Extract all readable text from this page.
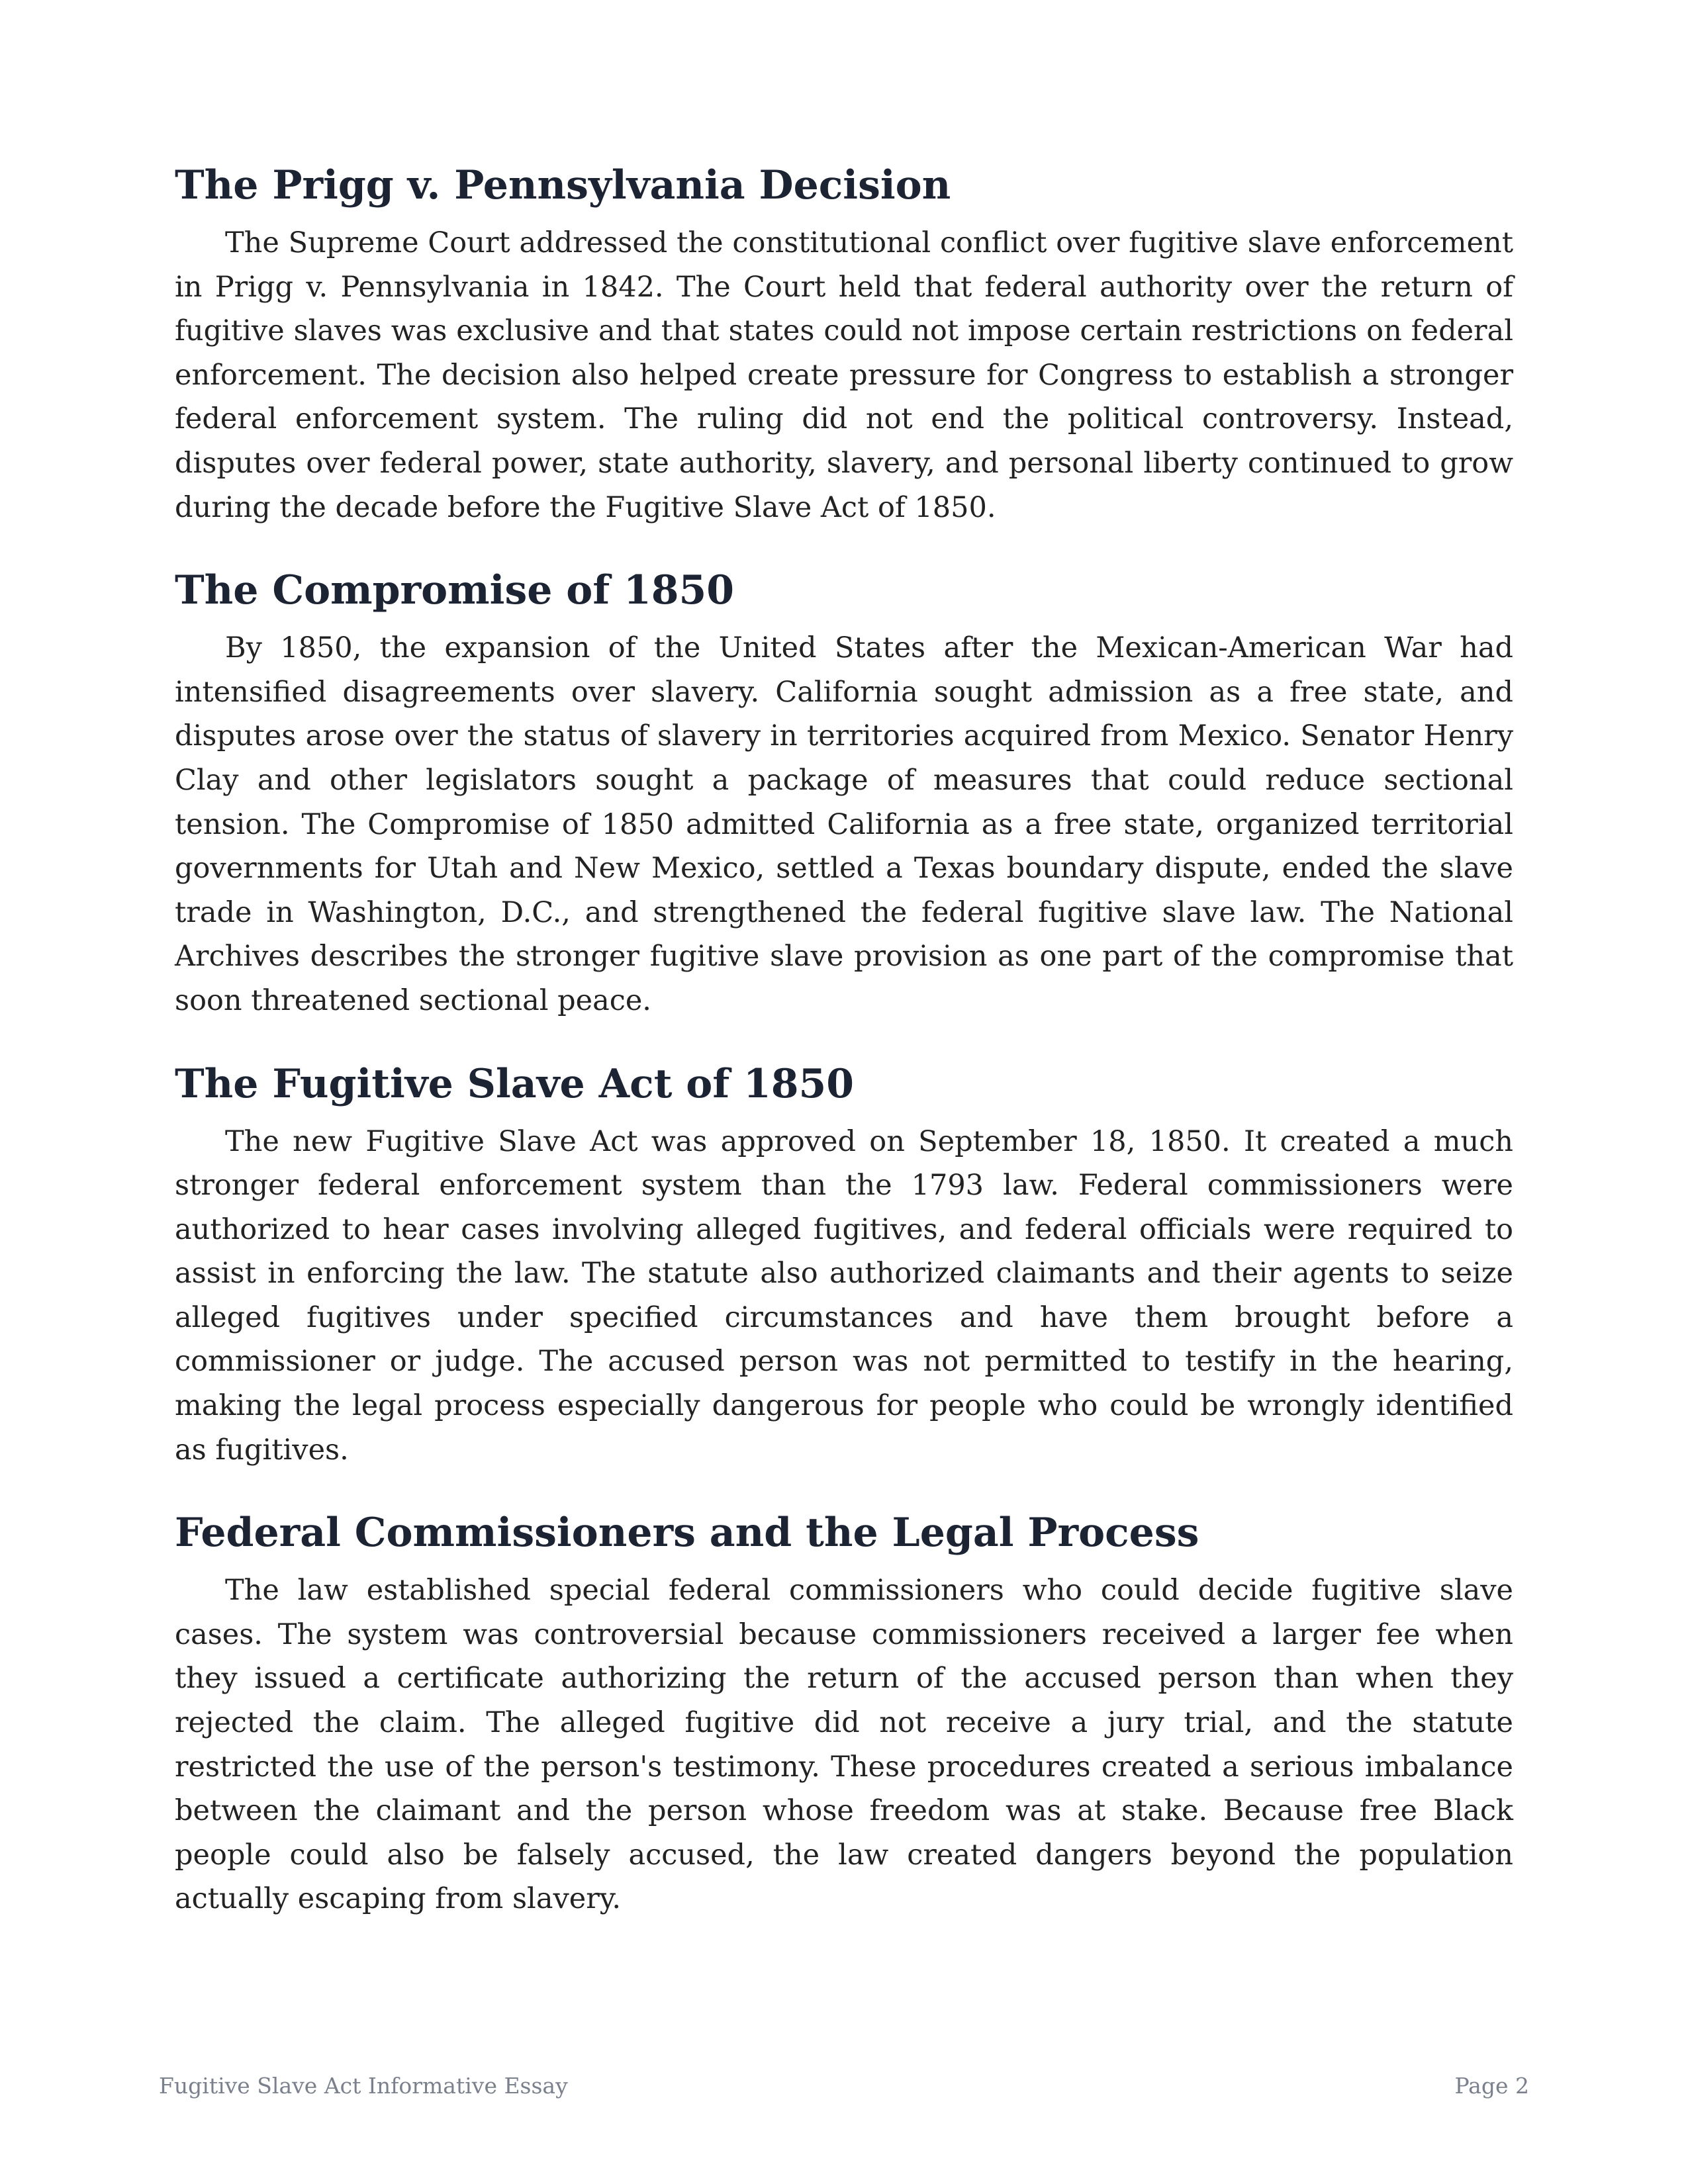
The Prigg v. Pennsylvania Decision

The Supreme Court addressed the constitutional conflict over fugitive slave enforcement in Prigg v. Pennsylvania in 1842. The Court held that federal authority over the return of fugitive slaves was exclusive and that states could not impose certain restrictions on federal enforcement. The decision also helped create pressure for Congress to establish a stronger federal enforcement system. The ruling did not end the political controversy. Instead, disputes over federal power, state authority, slavery, and personal liberty continued to grow during the decade before the Fugitive Slave Act of 1850.

The Compromise of 1850

By 1850, the expansion of the United States after the Mexican-American War had intensified disagreements over slavery. California sought admission as a free state, and disputes arose over the status of slavery in territories acquired from Mexico. Senator Henry Clay and other legislators sought a package of measures that could reduce sectional tension. The Compromise of 1850 admitted California as a free state, organized territorial governments for Utah and New Mexico, settled a Texas boundary dispute, ended the slave trade in Washington, D.C., and strengthened the federal fugitive slave law. The National Archives describes the stronger fugitive slave provision as one part of the compromise that soon threatened sectional peace.

The Fugitive Slave Act of 1850

The new Fugitive Slave Act was approved on September 18, 1850. It created a much stronger federal enforcement system than the 1793 law. Federal commissioners were authorized to hear cases involving alleged fugitives, and federal officials were required to assist in enforcing the law. The statute also authorized claimants and their agents to seize alleged fugitives under specified circumstances and have them brought before a commissioner or judge. The accused person was not permitted to testify in the hearing, making the legal process especially dangerous for people who could be wrongly identified as fugitives.

Federal Commissioners and the Legal Process

The law established special federal commissioners who could decide fugitive slave cases. The system was controversial because commissioners received a larger fee when they issued a certificate authorizing the return of the accused person than when they rejected the claim. The alleged fugitive did not receive a jury trial, and the statute restricted the use of the person's testimony. These procedures created a serious imbalance between the claimant and the person whose freedom was at stake. Because free Black people could also be falsely accused, the law created dangers beyond the population actually escaping from slavery.

Fugitive Slave Act Informative Essay	Page 2
